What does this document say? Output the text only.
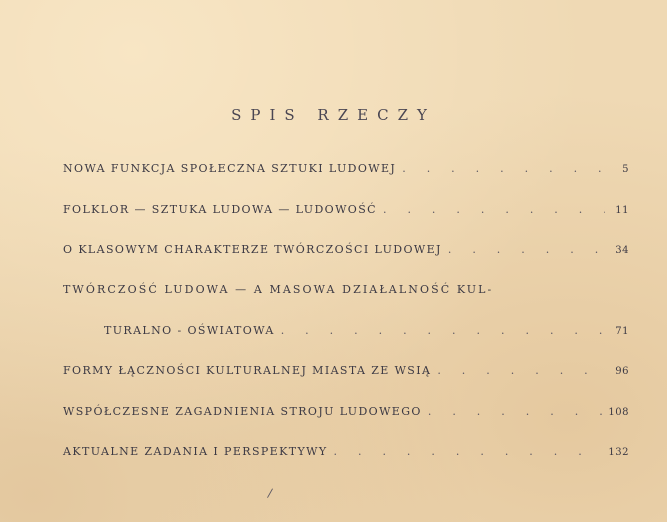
SPIS RZECZY
NOWA FUNKCJA SPOŁECZNA SZTUKI LUDOWEJ .	5
FOLKLOR — SZTUKA LUDOWA — LUDOWOŚĆ .	11
O KLASOWYM CHARAKTERZE TWÓRCZOŚCI LUDOWEJ .	34
TWÓRCZOŚĆ LUDOWA — A MASOWA DZIAŁALNOŚĆ KUL-
TURALNO - OŚWIATOWA .	71
FORMY ŁĄCZNOŚCI KULTURALNEJ MIASTA ZE WSIĄ .	96
WSPÓŁCZESNE ZAGADNIENIA STROJU LUDOWEGO .	108
AKTUALNE ZADANIA I PERSPEKTYWY .	132
/
